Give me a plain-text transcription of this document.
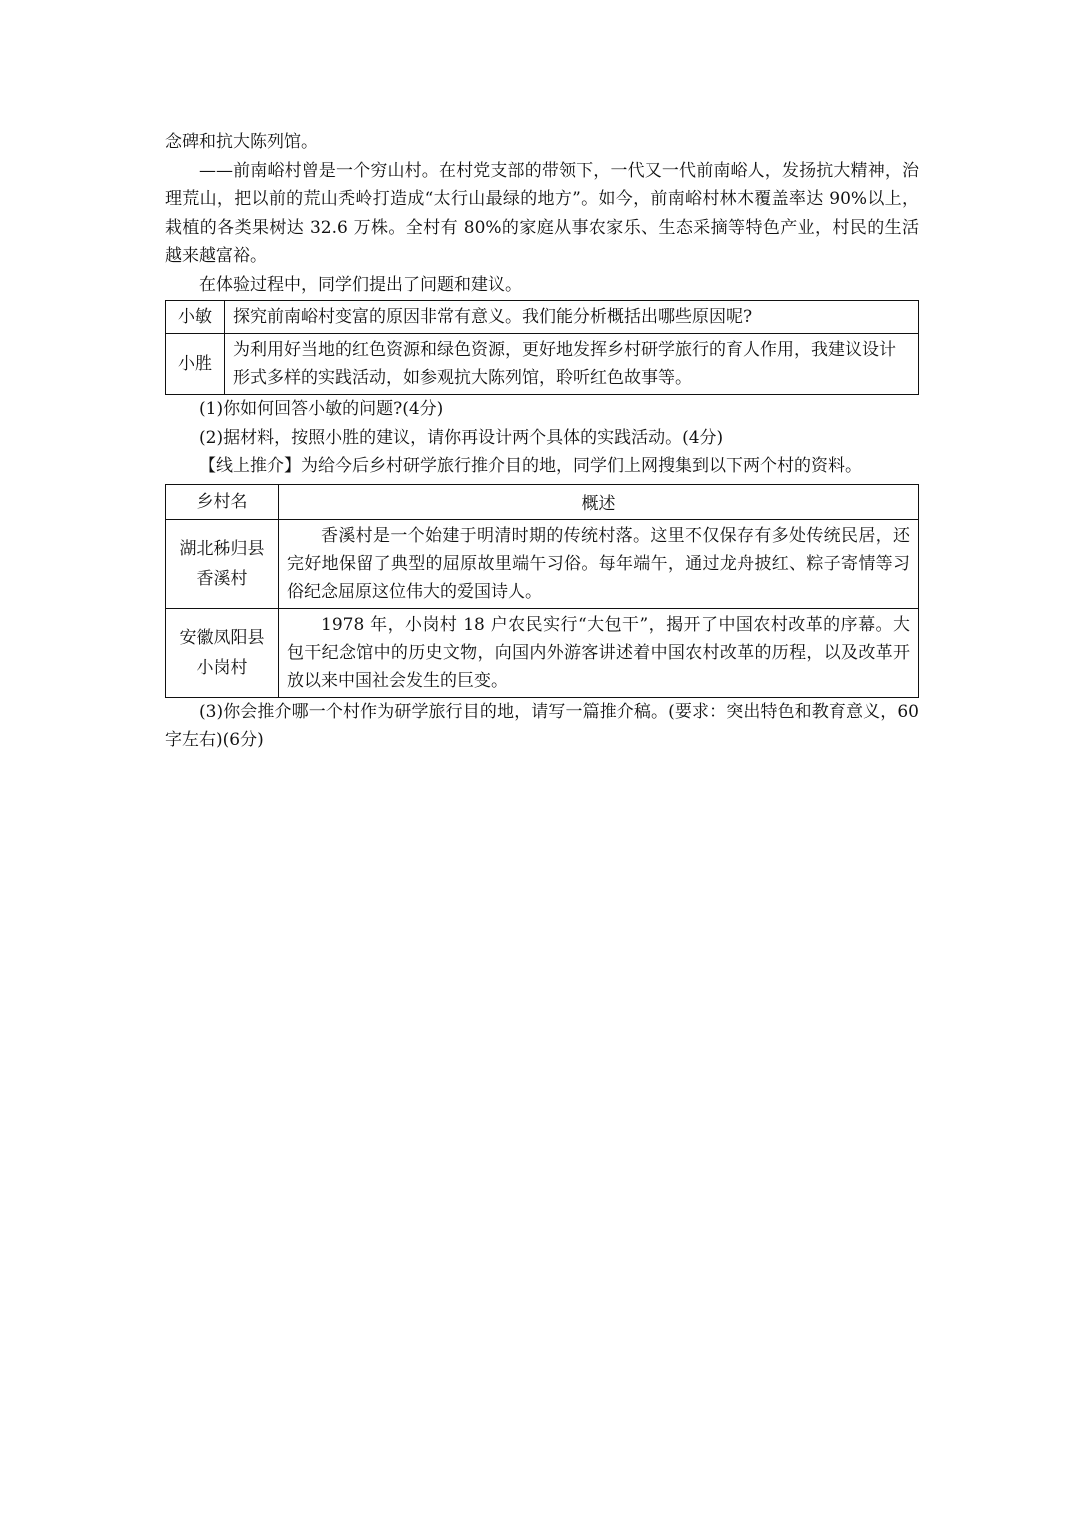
念碑和抗大陈列馆。

——前南峪村曾是一个穷山村。在村党支部的带领下，一代又一代前南峪人，发扬抗大精神，治理荒山，把以前的荒山秃岭打造成“太行山最绿的地方”。如今，前南峪村林木覆盖率达 90%以上，栽植的各类果树达 32.6 万株。全村有 80%的家庭从事农家乐、生态采摘等特色产业，村民的生活越来越富裕。

在体验过程中，同学们提出了问题和建议。

小敏	探究前南峪村变富的原因非常有意义。我们能分析概括出哪些原因呢?
小胜	为利用好当地的红色资源和绿色资源，更好地发挥乡村研学旅行的育人作用，我建议设计形式多样的实践活动，如参观抗大陈列馆，聆听红色故事等。

(1)你如何回答小敏的问题?(4分)

(2)据材料，按照小胜的建议，请你再设计两个具体的实践活动。(4分)

【线上推介】为给今后乡村研学旅行推介目的地，同学们上网搜集到以下两个村的资料。

乡村名	概述
湖北秭归县香溪村	香溪村是一个始建于明清时期的传统村落。这里不仅保存有多处传统民居，还完好地保留了典型的屈原故里端午习俗。每年端午，通过龙舟披红、粽子寄情等习俗纪念屈原这位伟大的爱国诗人。

安徽凤阳县小岗村	1978 年，小岗村 18 户农民实行“大包干”，揭开了中国农村改革的序幕。大包干纪念馆中的历史文物，向国内外游客讲述着中国农村改革的历程，以及改革开放以来中国社会发生的巨变。

(3)你会推介哪一个村作为研学旅行目的地，请写一篇推介稿。(要求：突出特色和教育意义，60 字左右)(6分)
